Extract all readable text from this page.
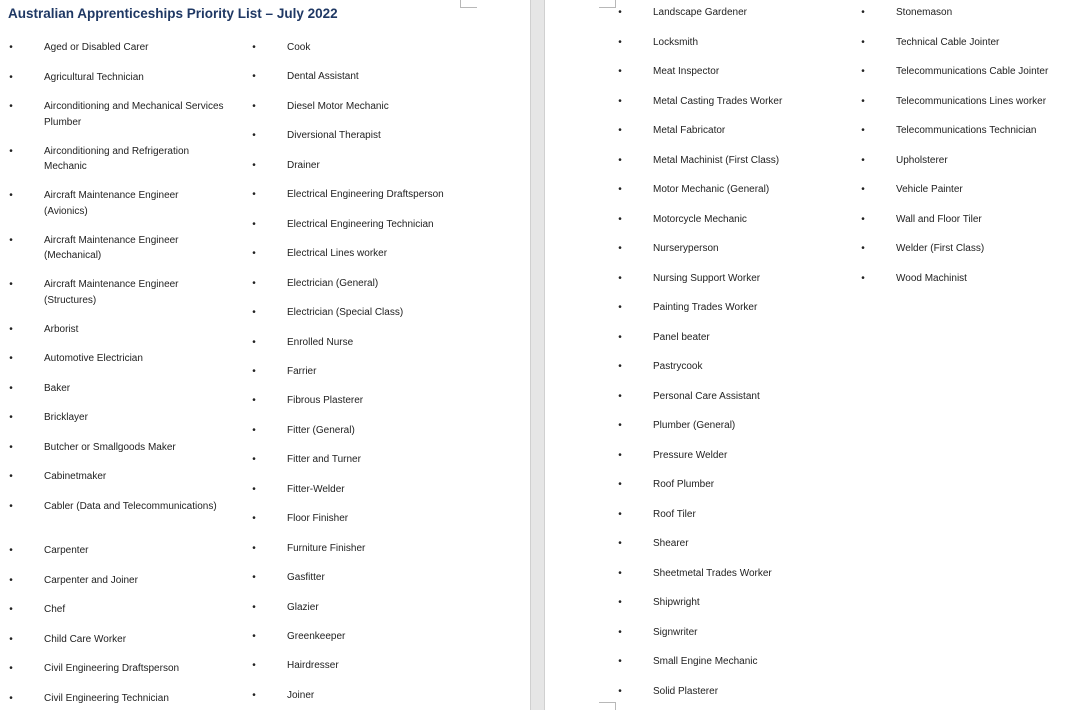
Australian Apprenticeships Priority List – July 2022
•	Aged or Disabled Carer
•	Agricultural Technician
•	Airconditioning and Mechanical Services Plumber
•	Airconditioning and Refrigeration Mechanic
•	Aircraft Maintenance Engineer (Avionics)
•	Aircraft Maintenance Engineer (Mechanical)
•	Aircraft Maintenance Engineer (Structures)
•	Arborist
•	Automotive Electrician
•	Baker
•	Bricklayer
•	Butcher or Smallgoods Maker
•	Cabinetmaker
•	Cabler (Data and Telecommunications)
•	Carpenter
•	Carpenter and Joiner
•	Chef
•	Child Care Worker
•	Civil Engineering Draftsperson
•	Civil Engineering Technician
•	Cook
•	Dental Assistant
•	Diesel Motor Mechanic
•	Diversional Therapist
•	Drainer
•	Electrical Engineering Draftsperson
•	Electrical Engineering Technician
•	Electrical Lines worker
•	Electrician (General)
•	Electrician (Special Class)
•	Enrolled Nurse
•	Farrier
•	Fibrous Plasterer
•	Fitter (General)
•	Fitter and Turner
•	Fitter-Welder
•	Floor Finisher
•	Furniture Finisher
•	Gasfitter
•	Glazier
•	Greenkeeper
•	Hairdresser
•	Joiner
•	Landscape Gardener
•	Locksmith
•	Meat Inspector
•	Metal Casting Trades Worker
•	Metal Fabricator
•	Metal Machinist (First Class)
•	Motor Mechanic (General)
•	Motorcycle Mechanic
•	Nurseryperson
•	Nursing Support Worker
•	Painting Trades Worker
•	Panel beater
•	Pastrycook
•	Personal Care Assistant
•	Plumber (General)
•	Pressure Welder
•	Roof Plumber
•	Roof Tiler
•	Shearer
•	Sheetmetal Trades Worker
•	Shipwright
•	Signwriter
•	Small Engine Mechanic
•	Solid Plasterer
•	Stonemason
•	Technical Cable Jointer
•	Telecommunications Cable Jointer
•	Telecommunications Lines worker
•	Telecommunications Technician
•	Upholsterer
•	Vehicle Painter
•	Wall and Floor Tiler
•	Welder (First Class)
•	Wood Machinist
